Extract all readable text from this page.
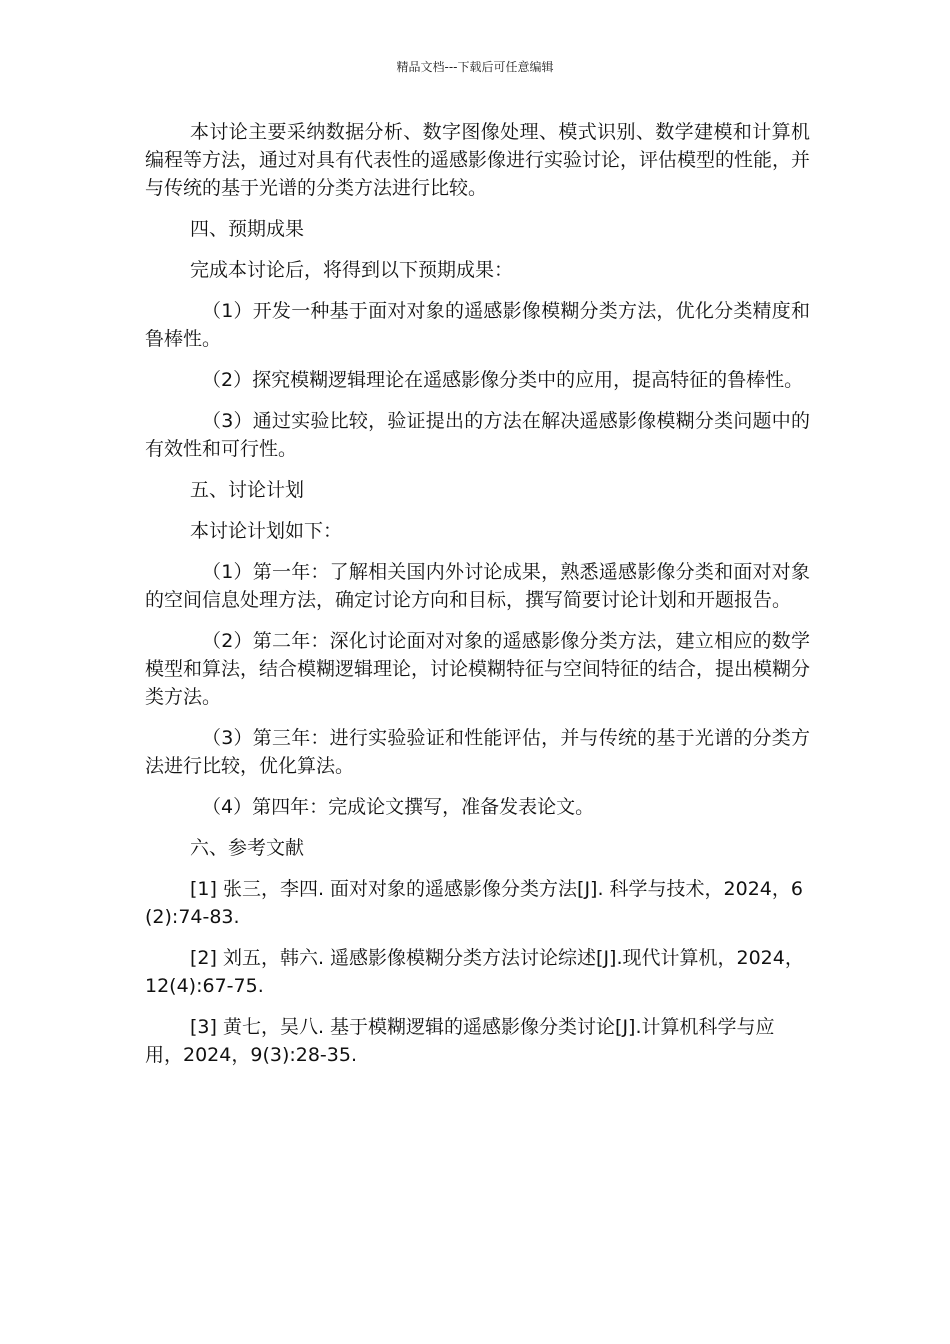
精品文档---下载后可任意编辑

本讨论主要采纳数据分析、数字图像处理、模式识别、数学建模和计算机编程等方法，通过对具有代表性的遥感影像进行实验讨论，评估模型的性能，并与传统的基于光谱的分类方法进行比较。

四、预期成果

完成本讨论后，将得到以下预期成果：

（1）开发一种基于面对对象的遥感影像模糊分类方法，优化分类精度和鲁棒性。

（2）探究模糊逻辑理论在遥感影像分类中的应用，提高特征的鲁棒性。

（3）通过实验比较，验证提出的方法在解决遥感影像模糊分类问题中的有效性和可行性。

五、讨论计划

本讨论计划如下：

（1）第一年：了解相关国内外讨论成果，熟悉遥感影像分类和面对对象的空间信息处理方法，确定讨论方向和目标，撰写简要讨论计划和开题报告。

（2）第二年：深化讨论面对对象的遥感影像分类方法，建立相应的数学模型和算法，结合模糊逻辑理论，讨论模糊特征与空间特征的结合，提出模糊分类方法。

（3）第三年：进行实验验证和性能评估，并与传统的基于光谱的分类方法进行比较，优化算法。

（4）第四年：完成论文撰写，准备发表论文。

六、参考文献

[1] 张三，李四. 面对对象的遥感影像分类方法[J]. 科学与技术，2024，6(2):74-83.

[2] 刘五，韩六. 遥感影像模糊分类方法讨论综述[J].现代计算机，2024，12(4):67-75.

[3] 黄七，吴八. 基于模糊逻辑的遥感影像分类讨论[J].计算机科学与应用，2024，9(3):28-35.
